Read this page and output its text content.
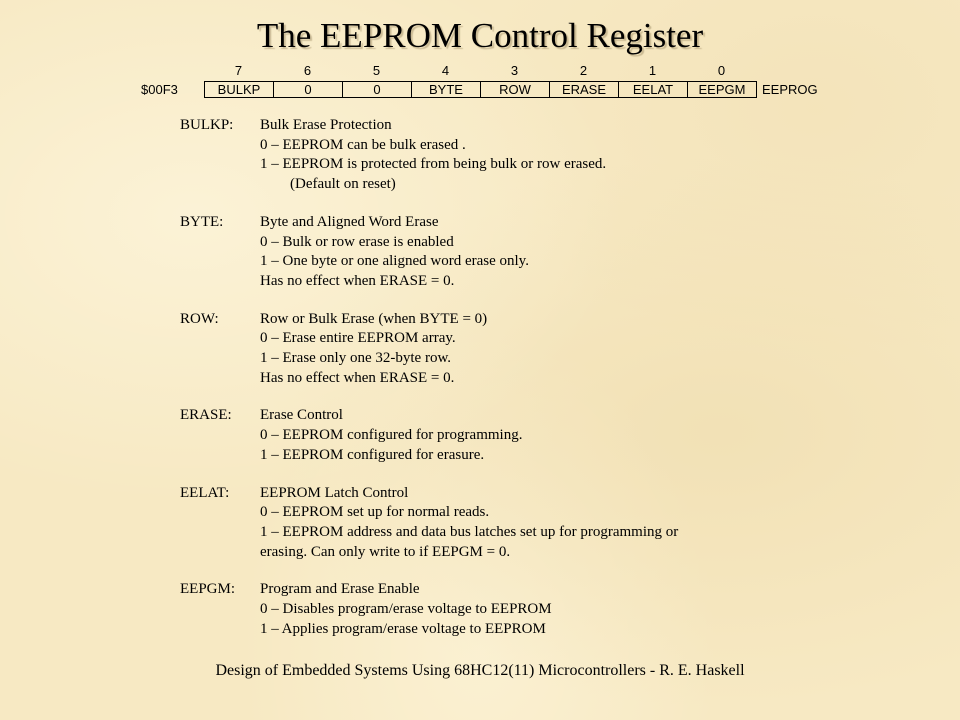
The EEPROM Control Register
7	6	5	4	3	2	1	0
$00F3	BULKP	0	0	BYTE	ROW	ERASE	EELAT	EEPGM	EEPROG
BULKP:	Bulk Erase Protection
0 – EEPROM can be bulk erased .
1 – EEPROM is protected from being bulk or row erased.
(Default on reset)
BYTE:	Byte and Aligned Word Erase
0 – Bulk or row erase is enabled
1 – One byte or one aligned word erase only.
Has no effect when ERASE = 0.
ROW:	Row or Bulk Erase (when BYTE = 0)
0 – Erase entire EEPROM array.
1 – Erase only one 32-byte row.
Has no effect when ERASE = 0.
ERASE:	Erase Control
0 – EEPROM configured for programming.
1 – EEPROM configured for erasure.
EELAT:	EEPROM Latch Control
0 – EEPROM set up for normal reads.
1 – EEPROM address and data bus latches set up for programming or
erasing. Can only write to if EEPGM = 0.
EEPGM:	Program and Erase Enable
0 – Disables program/erase voltage to EEPROM
1 – Applies program/erase voltage to EEPROM
Design of Embedded Systems Using 68HC12(11) Microcontrollers - R. E. Haskell
